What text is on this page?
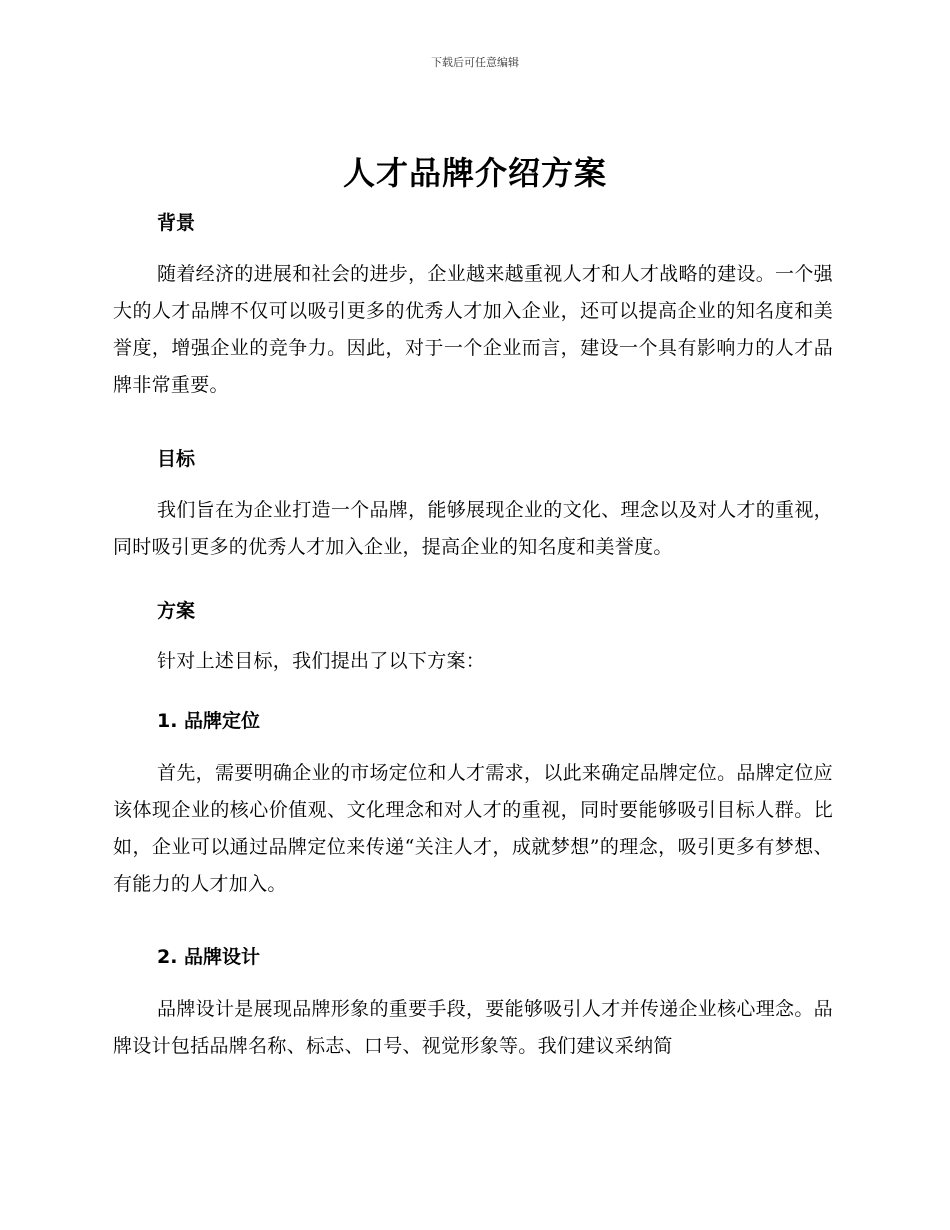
下载后可任意编辑
人才品牌介绍方案
背景
随着经济的进展和社会的进步，企业越来越重视人才和人才战略的建设。一个强大的人才品牌不仅可以吸引更多的优秀人才加入企业，还可以提高企业的知名度和美誉度，增强企业的竞争力。因此，对于一个企业而言，建设一个具有影响力的人才品牌非常重要。
目标
我们旨在为企业打造一个品牌，能够展现企业的文化、理念以及对人才的重视，同时吸引更多的优秀人才加入企业，提高企业的知名度和美誉度。
方案
针对上述目标，我们提出了以下方案：
1. 品牌定位
首先，需要明确企业的市场定位和人才需求，以此来确定品牌定位。品牌定位应该体现企业的核心价值观、文化理念和对人才的重视，同时要能够吸引目标人群。比如，企业可以通过品牌定位来传递“关注人才，成就梦想”的理念，吸引更多有梦想、有能力的人才加入。
2. 品牌设计
品牌设计是展现品牌形象的重要手段，要能够吸引人才并传递企业核心理念。品牌设计包括品牌名称、标志、口号、视觉形象等。我们建议采纳简
